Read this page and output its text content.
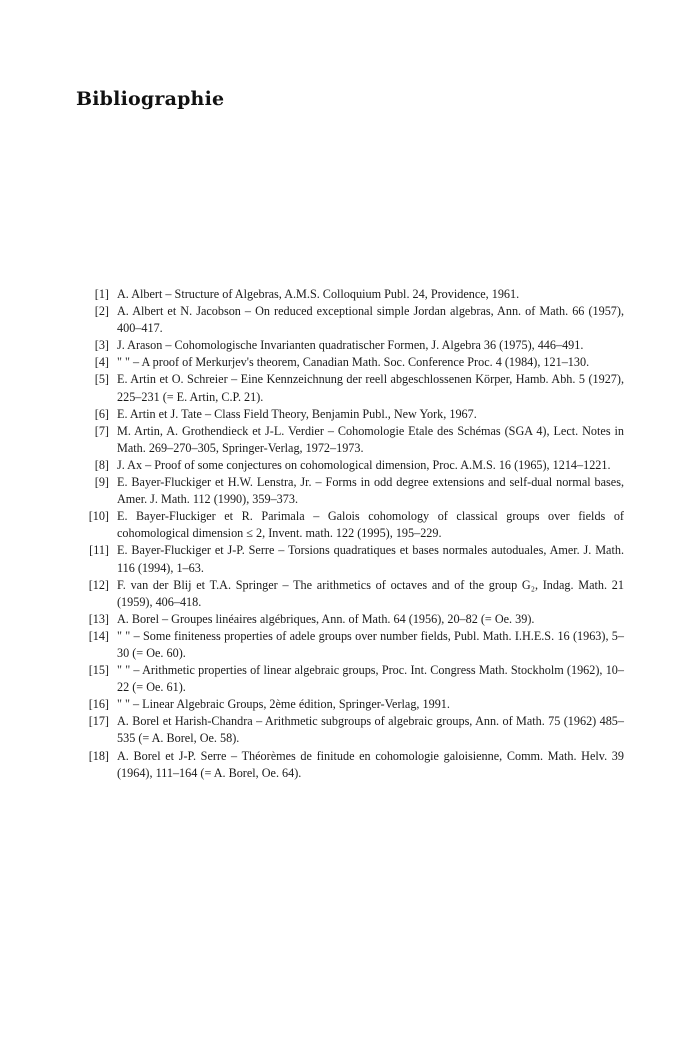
Bibliographie
[1] A. Albert – Structure of Algebras, A.M.S. Colloquium Publ. 24, Providence, 1961.
[2] A. Albert et N. Jacobson – On reduced exceptional simple Jordan algebras, Ann. of Math. 66 (1957), 400–417.
[3] J. Arason – Cohomologische Invarianten quadratischer Formen, J. Algebra 36 (1975), 446–491.
[4] " " – A proof of Merkurjev's theorem, Canadian Math. Soc. Conference Proc. 4 (1984), 121–130.
[5] E. Artin et O. Schreier – Eine Kennzeichnung der reell abgeschlossenen Körper, Hamb. Abh. 5 (1927), 225–231 (= E. Artin, C.P. 21).
[6] E. Artin et J. Tate – Class Field Theory, Benjamin Publ., New York, 1967.
[7] M. Artin, A. Grothendieck et J-L. Verdier – Cohomologie Etale des Schémas (SGA 4), Lect. Notes in Math. 269–270–305, Springer-Verlag, 1972–1973.
[8] J. Ax – Proof of some conjectures on cohomological dimension, Proc. A.M.S. 16 (1965), 1214–1221.
[9] E. Bayer-Fluckiger et H.W. Lenstra, Jr. – Forms in odd degree extensions and self-dual normal bases, Amer. J. Math. 112 (1990), 359–373.
[10] E. Bayer-Fluckiger et R. Parimala – Galois cohomology of classical groups over fields of cohomological dimension ≤ 2, Invent. math. 122 (1995), 195–229.
[11] E. Bayer-Fluckiger et J-P. Serre – Torsions quadratiques et bases normales autoduales, Amer. J. Math. 116 (1994), 1–63.
[12] F. van der Blij et T.A. Springer – The arithmetics of octaves and of the group G₂, Indag. Math. 21 (1959), 406–418.
[13] A. Borel – Groupes linéaires algébriques, Ann. of Math. 64 (1956), 20–82 (= Oe. 39).
[14] " " – Some finiteness properties of adele groups over number fields, Publ. Math. I.H.E.S. 16 (1963), 5–30 (= Oe. 60).
[15] " " – Arithmetic properties of linear algebraic groups, Proc. Int. Congress Math. Stockholm (1962), 10–22 (= Oe. 61).
[16] " " – Linear Algebraic Groups, 2ème édition, Springer-Verlag, 1991.
[17] A. Borel et Harish-Chandra – Arithmetic subgroups of algebraic groups, Ann. of Math. 75 (1962) 485–535 (= A. Borel, Oe. 58).
[18] A. Borel et J-P. Serre – Théorèmes de finitude en cohomologie galoisienne, Comm. Math. Helv. 39 (1964), 111–164 (= A. Borel, Oe. 64).
